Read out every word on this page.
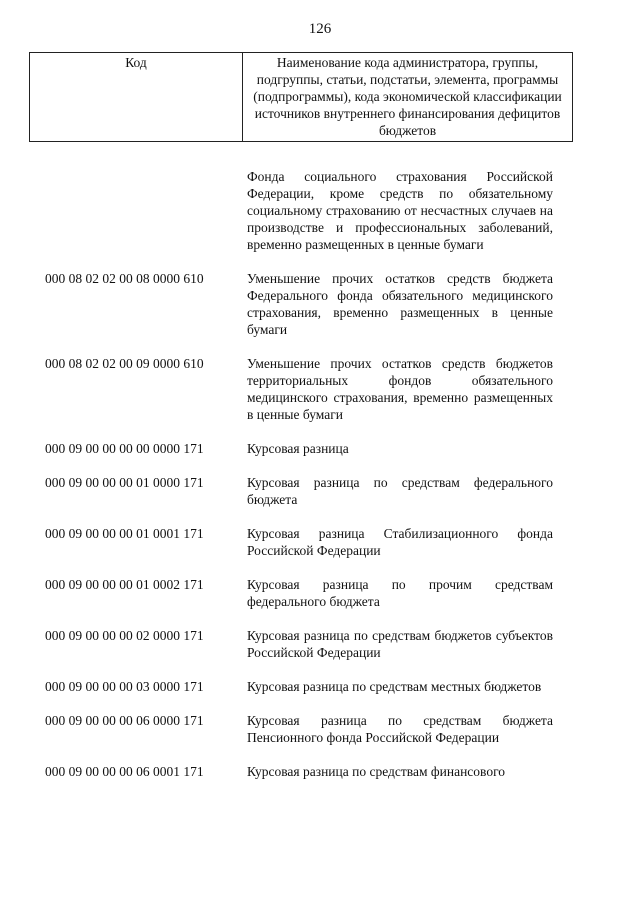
126
Код	Наименование кода администратора, группы, подгруппы, статьи, подстатьи, элемента, программы (подпрограммы), кода экономической классификации источников внутреннего финансирования дефицитов бюджетов
Фонда социального страхования Российской Федерации, кроме средств по обязательному социальному страхованию от несчастных случаев на производстве и профессиональных заболеваний, временно размещенных в ценные бумаги
000 08 02 02 00 08 0000 610	Уменьшение прочих остатков средств бюджета Федерального фонда обязательного медицинского страхования, временно размещенных в ценные бумаги
000 08 02 02 00 09 0000 610	Уменьшение прочих остатков средств бюджетов территориальных фондов обязательного медицинского страхования, временно размещенных в ценные бумаги
000 09 00 00 00 00 0000 171	Курсовая разница
000 09 00 00 00 01 0000 171	Курсовая разница по средствам федерального бюджета
000 09 00 00 00 01 0001 171	Курсовая разница Стабилизационного фонда Российской Федерации
000 09 00 00 00 01 0002 171	Курсовая разница по прочим средствам федерального бюджета
000 09 00 00 00 02 0000 171	Курсовая разница по средствам бюджетов субъектов Российской Федерации
000 09 00 00 00 03 0000 171	Курсовая разница по средствам местных бюджетов
000 09 00 00 00 06 0000 171	Курсовая разница по средствам бюджета Пенсионного фонда Российской Федерации
000 09 00 00 00 06 0001 171	Курсовая разница по средствам финансового
